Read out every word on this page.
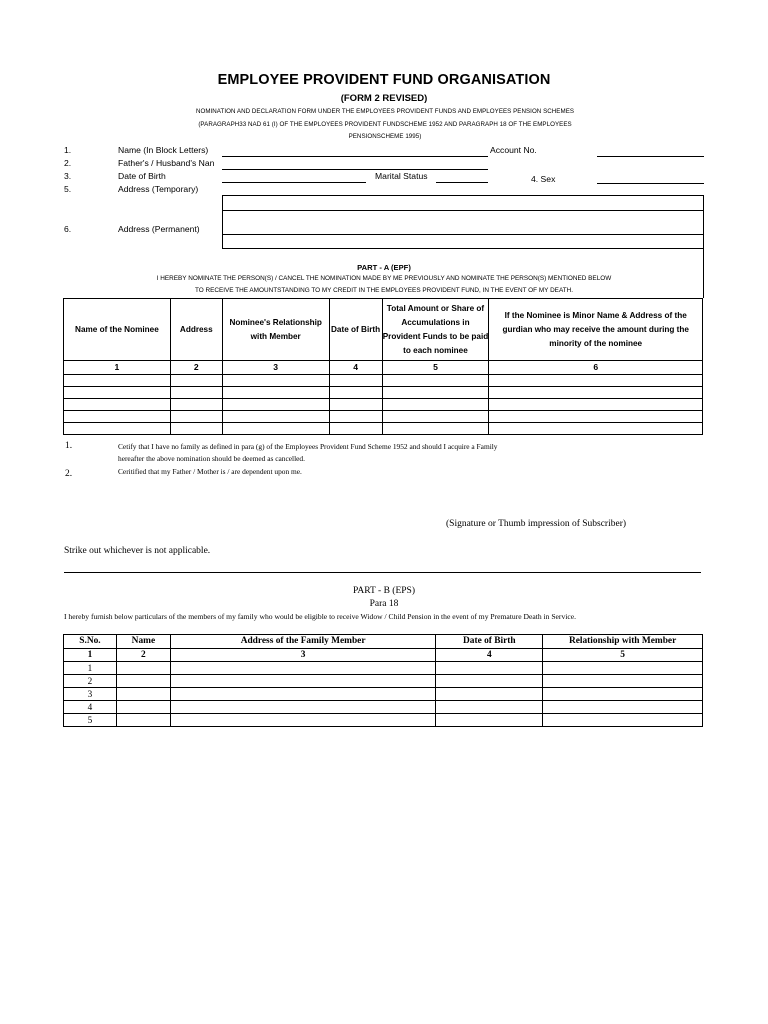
EMPLOYEE PROVIDENT FUND ORGANISATION
(FORM 2 REVISED)
NOMINATION AND DECLARATION FORM UNDER THE EMPLOYEES PROVIDENT FUNDS AND EMPLOYEES PENSION SCHEMES
(PARAGRAPH33 NAD 61 (I) OF THE EMPLOYEES PROVIDENT FUNDSCHEME 1952 AND PARAGRAPH 18 OF THE EMPLOYEES
PENSIONSCHEME 1995)
1.	Name (In Block Letters)	Account No.
2.	Father's / Husband's Nan
3.	Date of Birth	Marital Status	4. Sex
5.	Address (Temporary)
6.	Address (Permanent)
PART - A (EPF)
I HEREBY NOMINATE THE PERSON(S) / CANCEL THE NOMINATION MADE BY ME PREVIOUSLY AND NOMINATE THE PERSON(S) MENTIONED BELOW
TO RECEIVE THE AMOUNTSTANDING TO MY CREDIT IN THE EMPLOYEES PROVIDENT FUND, IN THE EVENT OF MY DEATH.
Name of the Nominee	Address	Nominee's Relationship with Member	Date of Birth	Total Amount or Share of Accumulations in Provident Funds to be paid to each nominee	If the Nominee is Minor Name & Address of the gurdian who may receive the amount during the minority of the nominee
1	2	3	4	5	6

1.	Cetify that I have no family as defined in para (g) of the Employees Provident Fund Scheme 1952 and should I acquire a Family
hereafter the above nomination should be deemed as cancelled.
2.	Ceritified that my Father / Mother is / are dependent upon me.
(Signature or Thumb impression of Subscriber)
Strike out whichever is not applicable.
PART - B (EPS)
Para 18
I hereby furnish below particulars of the members of my family who would be eligible to receive Widow / Child Pension in the event of my Premature Death in Service.
S.No.	Name	Address of the Family Member	Date of Birth	Relationship with Member
1	2	3	4	5
1				
2				
3				
4				
5				
